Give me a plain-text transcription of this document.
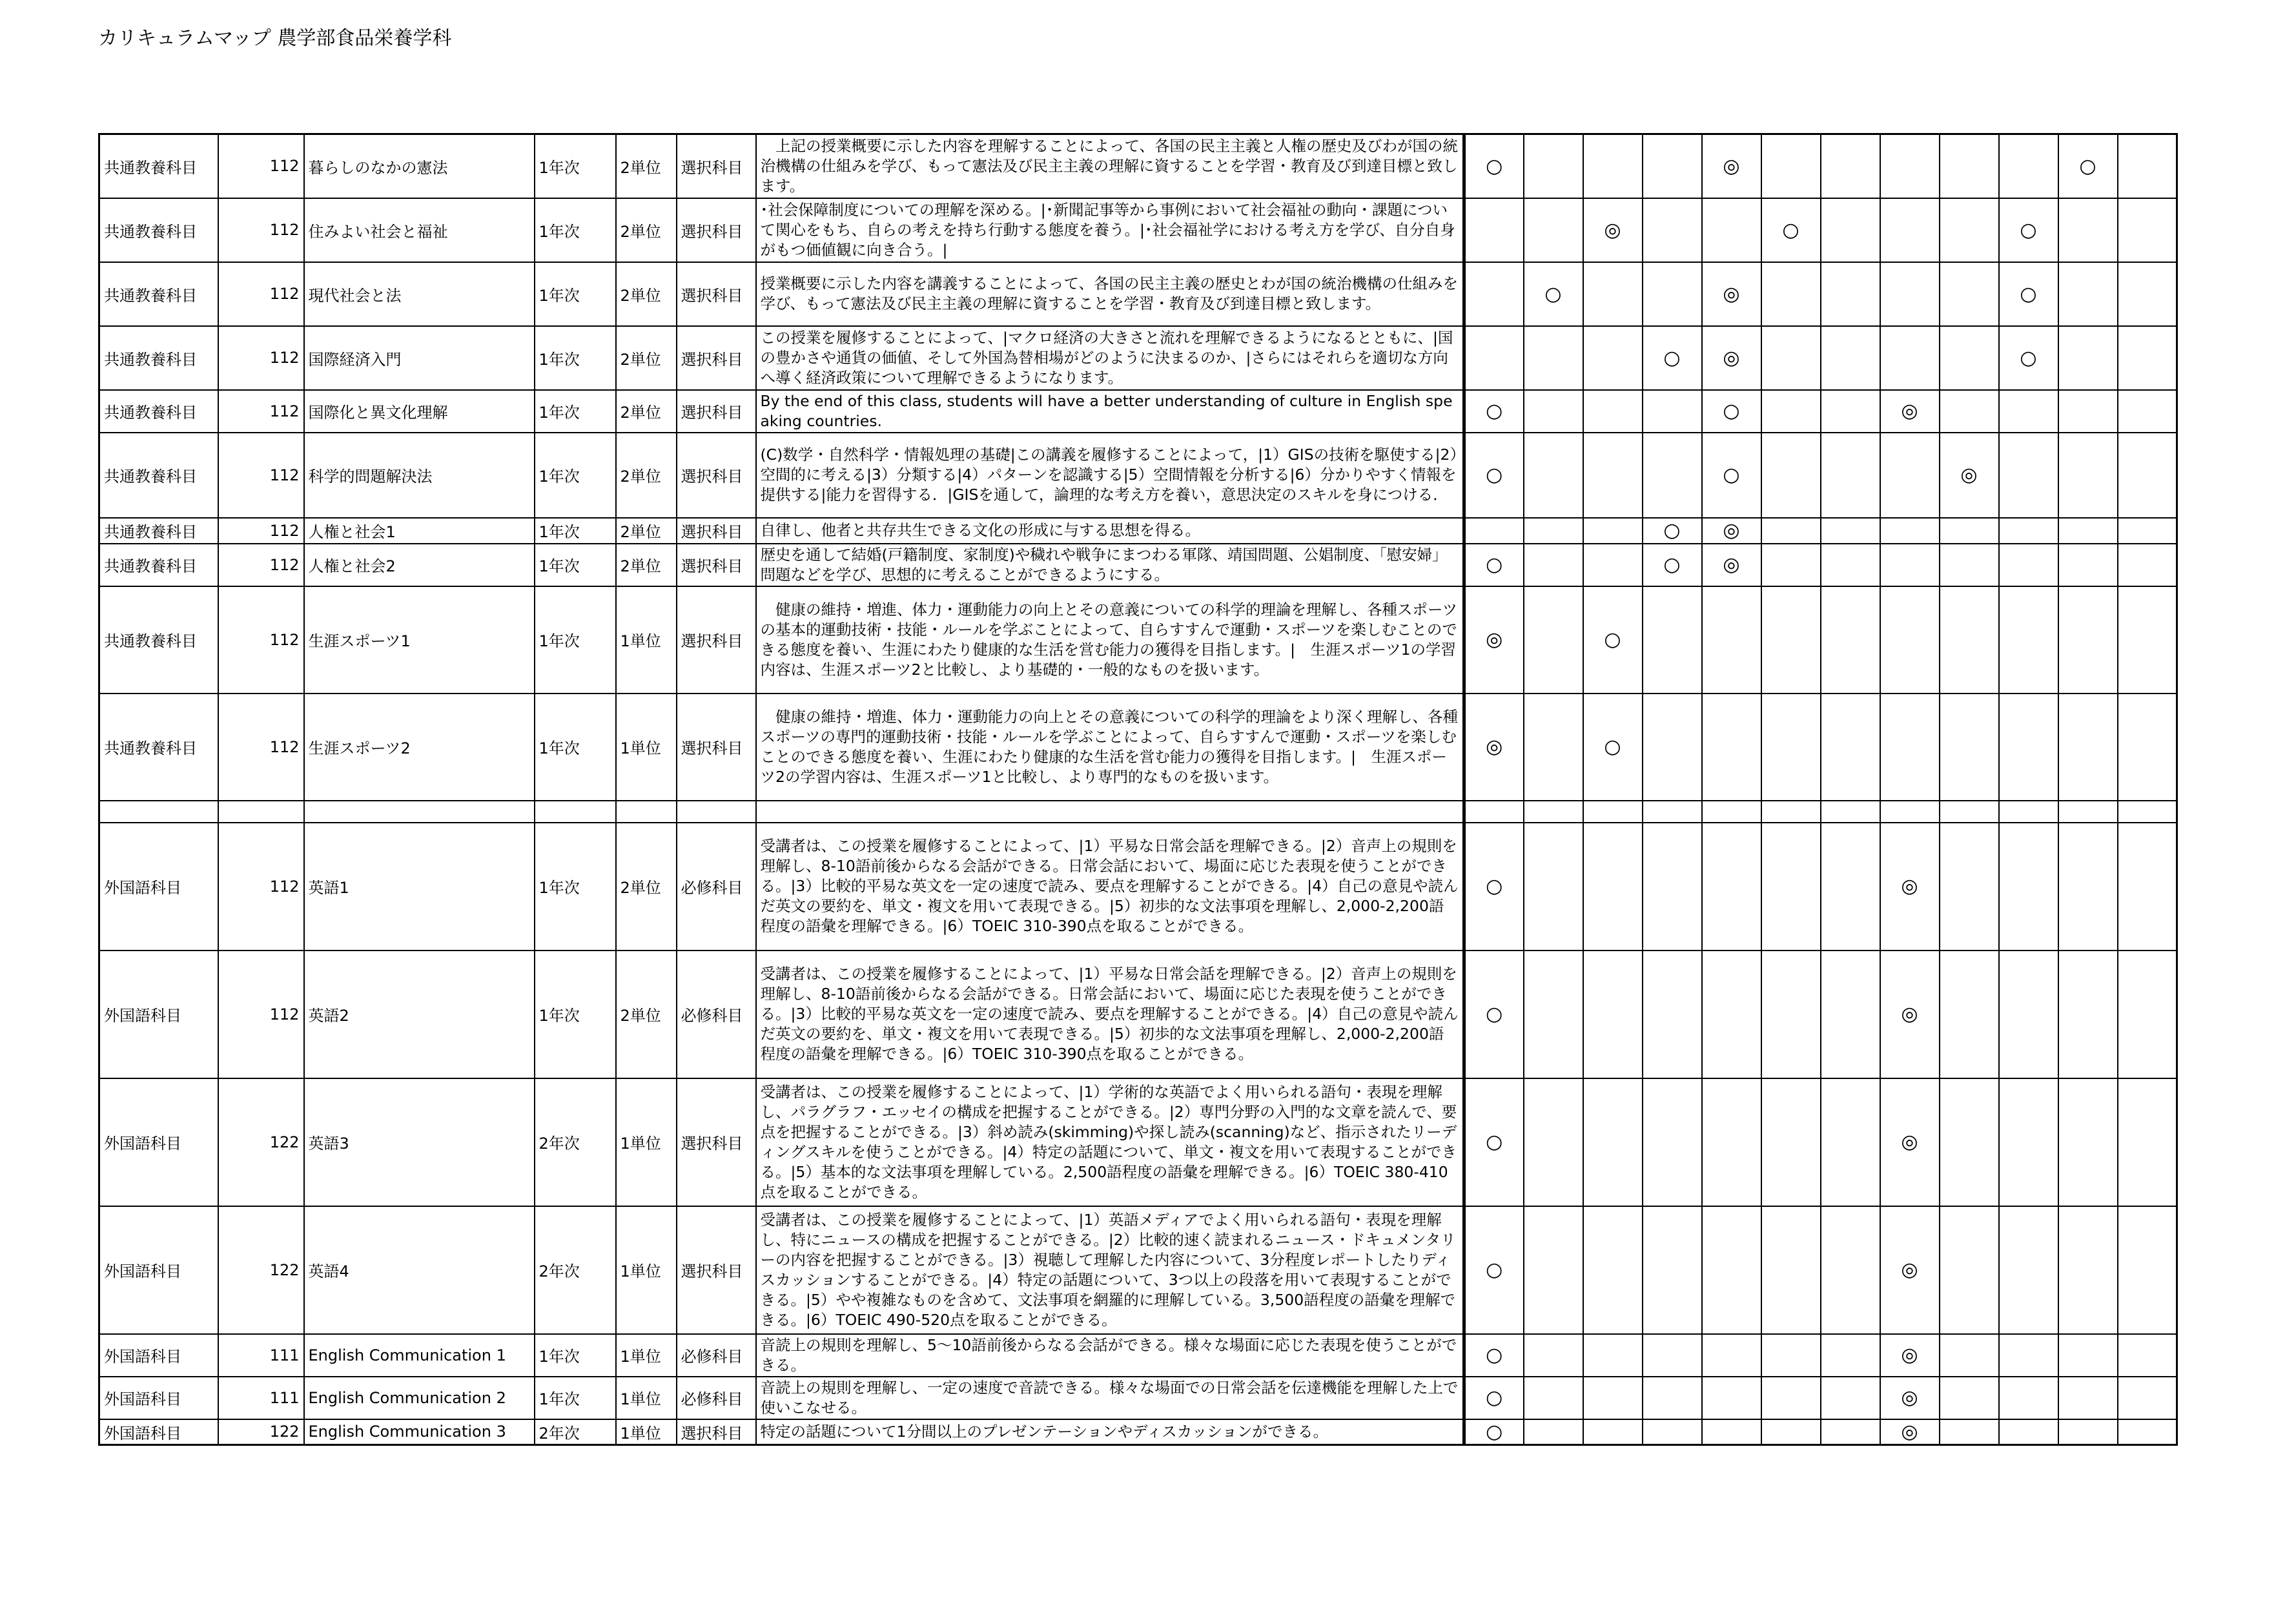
カリキュラムマップ 農学部食品栄養学科
共通教養科目	112	暮らしのなかの憲法	1年次	2単位	選択科目	　上記の授業概要に示した内容を理解することによって、各国の民主主義と人権の歴史及びわが国の統治機構の仕組みを学び、もって憲法及び民主主義の理解に資することを学習・教育及び到達目標と致します。	○				◎						○	
共通教養科目	112	住みよい社会と福祉	1年次	2単位	選択科目	･社会保障制度についての理解を深める。|･新聞記事等から事例において社会福祉の動向・課題について関心をもち、自らの考えを持ち行動する態度を養う。|･社会福祉学における考え方を学び、自分自身がもつ価値観に向き合う。|			◎			○				○		
共通教養科目	112	現代社会と法	1年次	2単位	選択科目	授業概要に示した内容を講義することによって、各国の民主主義の歴史とわが国の統治機構の仕組みを学び、もって憲法及び民主主義の理解に資することを学習・教育及び到達目標と致します。		○			◎					○		
共通教養科目	112	国際経済入門	1年次	2単位	選択科目	この授業を履修することによって、|マクロ経済の大きさと流れを理解できるようになるとともに、|国の豊かさや通貨の価値、そして外国為替相場がどのように決まるのか、|さらにはそれらを適切な方向へ導く経済政策について理解できるようになります。				○	◎					○		
共通教養科目	112	国際化と異文化理解	1年次	2単位	選択科目	By the end of this class, students will have a better understanding of culture in English speaking countries.	○				○			◎				
共通教養科目	112	科学的問題解決法	1年次	2単位	選択科目	(C)数学・自然科学・情報処理の基礎|この講義を履修することによって，|1）GISの技術を駆使する|2）空間的に考える|3）分類する|4）パターンを認識する|5）空間情報を分析する|6）分かりやすく情報を提供する|能力を習得する．|GISを通して，論理的な考え方を養い，意思決定のスキルを身につける．	○				○				◎			
共通教養科目	112	人権と社会1	1年次	2単位	選択科目	自律し、他者と共存共生できる文化の形成に与する思想を得る。				○	◎							
共通教養科目	112	人権と社会2	1年次	2単位	選択科目	歴史を通して結婚(戸籍制度、家制度)や穢れや戦争にまつわる軍隊、靖国問題、公娼制度、「慰安婦」問題などを学び、思想的に考えることができるようにする。	○			○	◎							
共通教養科目	112	生涯スポーツ1	1年次	1単位	選択科目	　健康の維持・増進、体力・運動能力の向上とその意義についての科学的理論を理解し、各種スポーツの基本的運動技術・技能・ルールを学ぶことによって、自らすすんで運動・スポーツを楽しむことのできる態度を養い、生涯にわたり健康的な生活を営む能力の獲得を目指します。|　生涯スポーツ1の学習内容は、生涯スポーツ2と比較し、より基礎的・一般的なものを扱います。	◎		○									
共通教養科目	112	生涯スポーツ2	1年次	1単位	選択科目	　健康の維持・増進、体力・運動能力の向上とその意義についての科学的理論をより深く理解し、各種スポーツの専門的運動技術・技能・ルールを学ぶことによって、自らすすんで運動・スポーツを楽しむことのできる態度を養い、生涯にわたり健康的な生活を営む能力の獲得を目指します。|　生涯スポーツ2の学習内容は、生涯スポーツ1と比較し、より専門的なものを扱います。	◎		○									

外国語科目	112	英語1	1年次	2単位	必修科目	受講者は、この授業を履修することによって、|1）平易な日常会話を理解できる。|2）音声上の規則を理解し、8-10語前後からなる会話ができる。日常会話において、場面に応じた表現を使うことができる。|3）比較的平易な英文を一定の速度で読み、要点を理解することができる。|4）自己の意見や読んだ英文の要約を、単文・複文を用いて表現できる。|5）初歩的な文法事項を理解し、2,000-2,200語程度の語彙を理解できる。|6）TOEIC 310-390点を取ることができる。	○							◎				
外国語科目	112	英語2	1年次	2単位	必修科目	受講者は、この授業を履修することによって、|1）平易な日常会話を理解できる。|2）音声上の規則を理解し、8-10語前後からなる会話ができる。日常会話において、場面に応じた表現を使うことができる。|3）比較的平易な英文を一定の速度で読み、要点を理解することができる。|4）自己の意見や読んだ英文の要約を、単文・複文を用いて表現できる。|5）初歩的な文法事項を理解し、2,000-2,200語程度の語彙を理解できる。|6）TOEIC 310-390点を取ることができる。	○							◎				
外国語科目	122	英語3	2年次	1単位	選択科目	受講者は、この授業を履修することによって、|1）学術的な英語でよく用いられる語句・表現を理解し、パラグラフ・エッセイの構成を把握することができる。|2）専門分野の入門的な文章を読んで、要点を把握することができる。|3）斜め読み(skimming)や探し読み(scanning)など、指示されたリーディングスキルを使うことができる。|4）特定の話題について、単文・複文を用いて表現することができる。|5）基本的な文法事項を理解している。2,500語程度の語彙を理解できる。|6）TOEIC 380-410点を取ることができる。	○							◎				
外国語科目	122	英語4	2年次	1単位	選択科目	受講者は、この授業を履修することによって、|1）英語メディアでよく用いられる語句・表現を理解し、特にニュースの構成を把握することができる。|2）比較的速く読まれるニュース・ドキュメンタリーの内容を把握することができる。|3）視聴して理解した内容について、3分程度レポートしたりディスカッションすることができる。|4）特定の話題について、3つ以上の段落を用いて表現することができる。|5）やや複雑なものを含めて、文法事項を網羅的に理解している。3,500語程度の語彙を理解できる。|6）TOEIC 490-520点を取ることができる。	○							◎				
外国語科目	111	English Communication 1	1年次	1単位	必修科目	音読上の規則を理解し、5～10語前後からなる会話ができる。様々な場面に応じた表現を使うことができる。	○							◎				
外国語科目	111	English Communication 2	1年次	1単位	必修科目	音読上の規則を理解し、一定の速度で音読できる。様々な場面での日常会話を伝達機能を理解した上で使いこなせる。	○							◎				
外国語科目	122	English Communication 3	2年次	1単位	選択科目	特定の話題について1分間以上のプレゼンテーションやディスカッションができる。	○							◎				
